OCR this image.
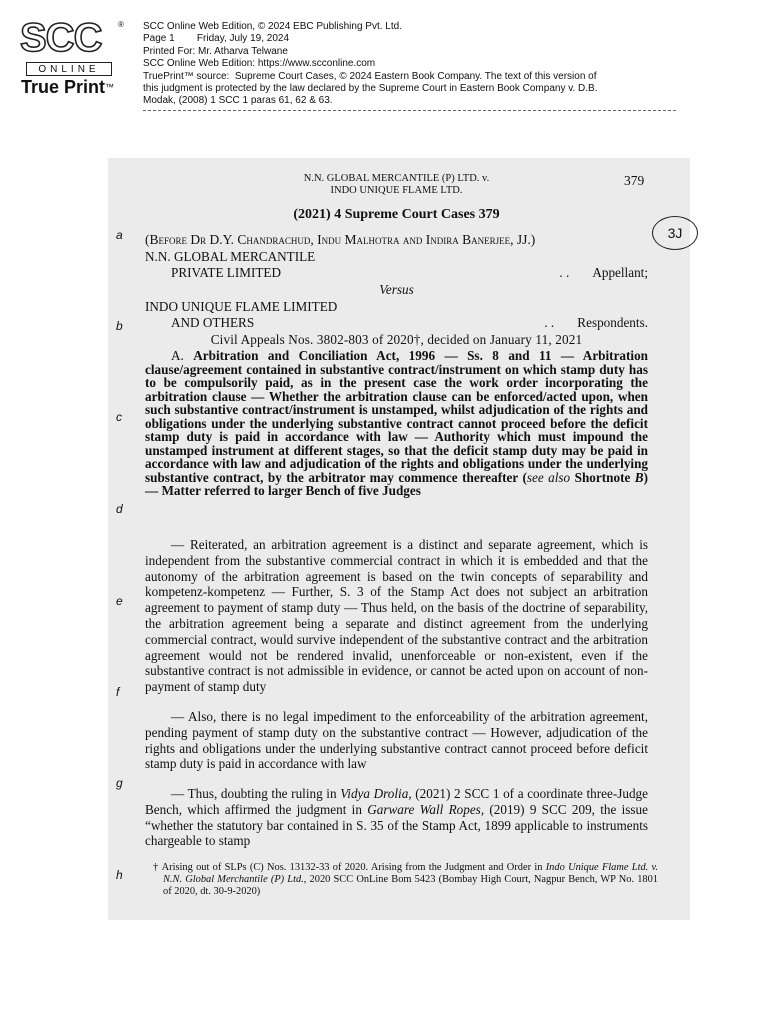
SCC ®
ONLINE
True Print™
SCC Online Web Edition, © 2024 EBC Publishing Pvt. Ltd.
Page 1        Friday, July 19, 2024
Printed For: Mr. Atharva Telwane
SCC Online Web Edition: https://www.scconline.com
TruePrint™ source:  Supreme Court Cases, © 2024 Eastern Book Company. The text of this version of
this judgment is protected by the law declared by the Supreme Court in Eastern Book Company v. D.B.
Modak, (2008) 1 SCC 1 paras 61, 62 & 63.
N.N. GLOBAL MERCANTILE (P) LTD. v.
INDO UNIQUE FLAME LTD.
379
(2021) 4 Supreme Court Cases 379
3J
a
b
c
d
e
f
g
h
(Before Dr D.Y. Chandrachud, Indu Malhotra and Indira Banerjee, JJ.)
N.N. GLOBAL MERCANTILE
PRIVATE LIMITED	. . Appellant;
Versus
INDO UNIQUE FLAME LIMITED
AND OTHERS	. . Respondents.
Civil Appeals Nos. 3802-803 of 2020†, decided on January 11, 2021
A. Arbitration and Conciliation Act, 1996 — Ss. 8 and 11 — Arbitration clause/agreement contained in substantive contract/instrument on which stamp duty has to be compulsorily paid, as in the present case the work order incorporating the arbitration clause — Whether the arbitration clause can be enforced/acted upon, when such substantive contract/instrument is unstamped, whilst adjudication of the rights and obligations under the underlying substantive contract cannot proceed before the deficit stamp duty is paid in accordance with law — Authority which must impound the unstamped instrument at different stages, so that the deficit stamp duty may be paid in accordance with law and adjudication of the rights and obligations under the underlying substantive contract, by the arbitrator may commence thereafter (see also Shortnote B) — Matter referred to larger Bench of five Judges
— Reiterated, an arbitration agreement is a distinct and separate agreement, which is independent from the substantive commercial contract in which it is embedded and that the autonomy of the arbitration agreement is based on the twin concepts of separability and kompetenz-kompetenz — Further, S. 3 of the Stamp Act does not subject an arbitration agreement to payment of stamp duty — Thus held, on the basis of the doctrine of separability, the arbitration agreement being a separate and distinct agreement from the underlying commercial contract, would survive independent of the substantive contract and the arbitration agreement would not be rendered invalid, unenforceable or non-existent, even if the substantive contract is not admissible in evidence, or cannot be acted upon on account of non-payment of stamp duty
— Also, there is no legal impediment to the enforceability of the arbitration agreement, pending payment of stamp duty on the substantive contract — However, adjudication of the rights and obligations under the underlying substantive contract cannot proceed before deficit stamp duty is paid in accordance with law
— Thus, doubting the ruling in Vidya Drolia, (2021) 2 SCC 1 of a coordinate three-Judge Bench, which affirmed the judgment in Garware Wall Ropes, (2019) 9 SCC 209, the issue “whether the statutory bar contained in S. 35 of the Stamp Act, 1899 applicable to instruments chargeable to stamp
† Arising out of SLPs (C) Nos. 13132-33 of 2020. Arising from the Judgment and Order in Indo Unique Flame Ltd. v. N.N. Global Merchantile (P) Ltd., 2020 SCC OnLine Bom 5423 (Bombay High Court, Nagpur Bench, WP No. 1801 of 2020, dt. 30-9-2020)
